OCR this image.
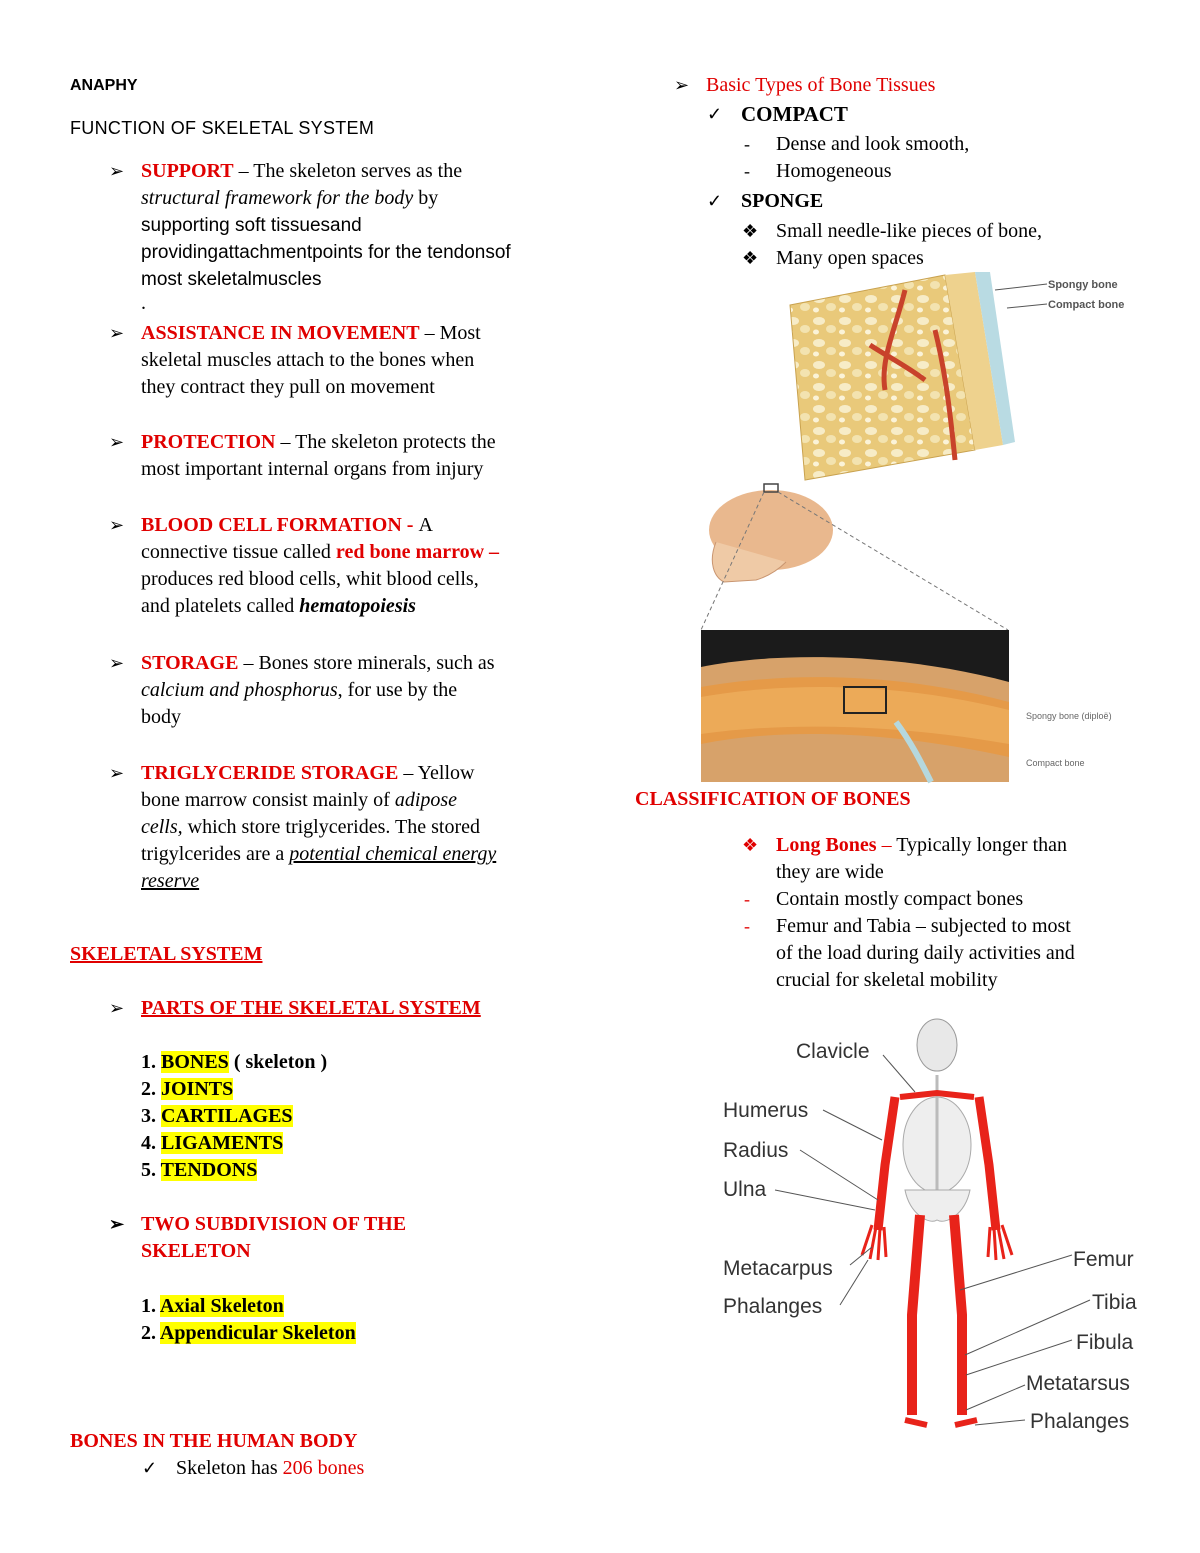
ANAPHY
FUNCTION OF SKELETAL SYSTEM
➢ SUPPORT – The skeleton serves as the
structural framework for the body by
supporting soft tissuesand
providingattachmentpoints for the tendonsof
most skeletalmuscles
.
➢ ASSISTANCE IN MOVEMENT – Most
skeletal muscles attach to the bones when
they contract they pull on movement
➢ PROTECTION – The skeleton protects the
most important internal organs from injury
➢ BLOOD CELL FORMATION - A
connective tissue called red bone marrow –
produces red blood cells, whit blood cells,
and platelets called hematopoiesis
➢ STORAGE – Bones store minerals, such as
calcium and phosphorus, for use by the
body
➢ TRIGLYCERIDE STORAGE – Yellow
bone marrow consist mainly of adipose
cells, which store triglycerides. The stored
trigylcerides are a potential chemical energy
reserve
SKELETAL SYSTEM
➢ PARTS OF THE SKELETAL SYSTEM
1. BONES ( skeleton )
2. JOINTS
3. CARTILAGES
4. LIGAMENTS
5. TENDONS
➢ TWO SUBDIVISION OF THE
SKELETON
1. Axial Skeleton
2. Appendicular Skeleton
BONES IN THE HUMAN BODY
✓ Skeleton has 206 bones
➢ Basic Types of Bone Tissues
✓ COMPACT
- Dense and look smooth,
- Homogeneous
✓ SPONGE
❖ Small needle-like pieces of bone,
❖ Many open spaces
Spongy bone
Compact bone
Spongy bone (diploë)
Compact bone
CLASSIFICATION OF BONES
❖ Long Bones – Typically longer than
they are wide
- Contain mostly compact bones
- Femur and Tabia – subjected to most
of the load during daily activities and
crucial for skeletal mobility
Clavicle
Humerus
Radius
Ulna
Metacarpus
Phalanges
Femur
Tibia
Fibula
Metatarsus
Phalanges
